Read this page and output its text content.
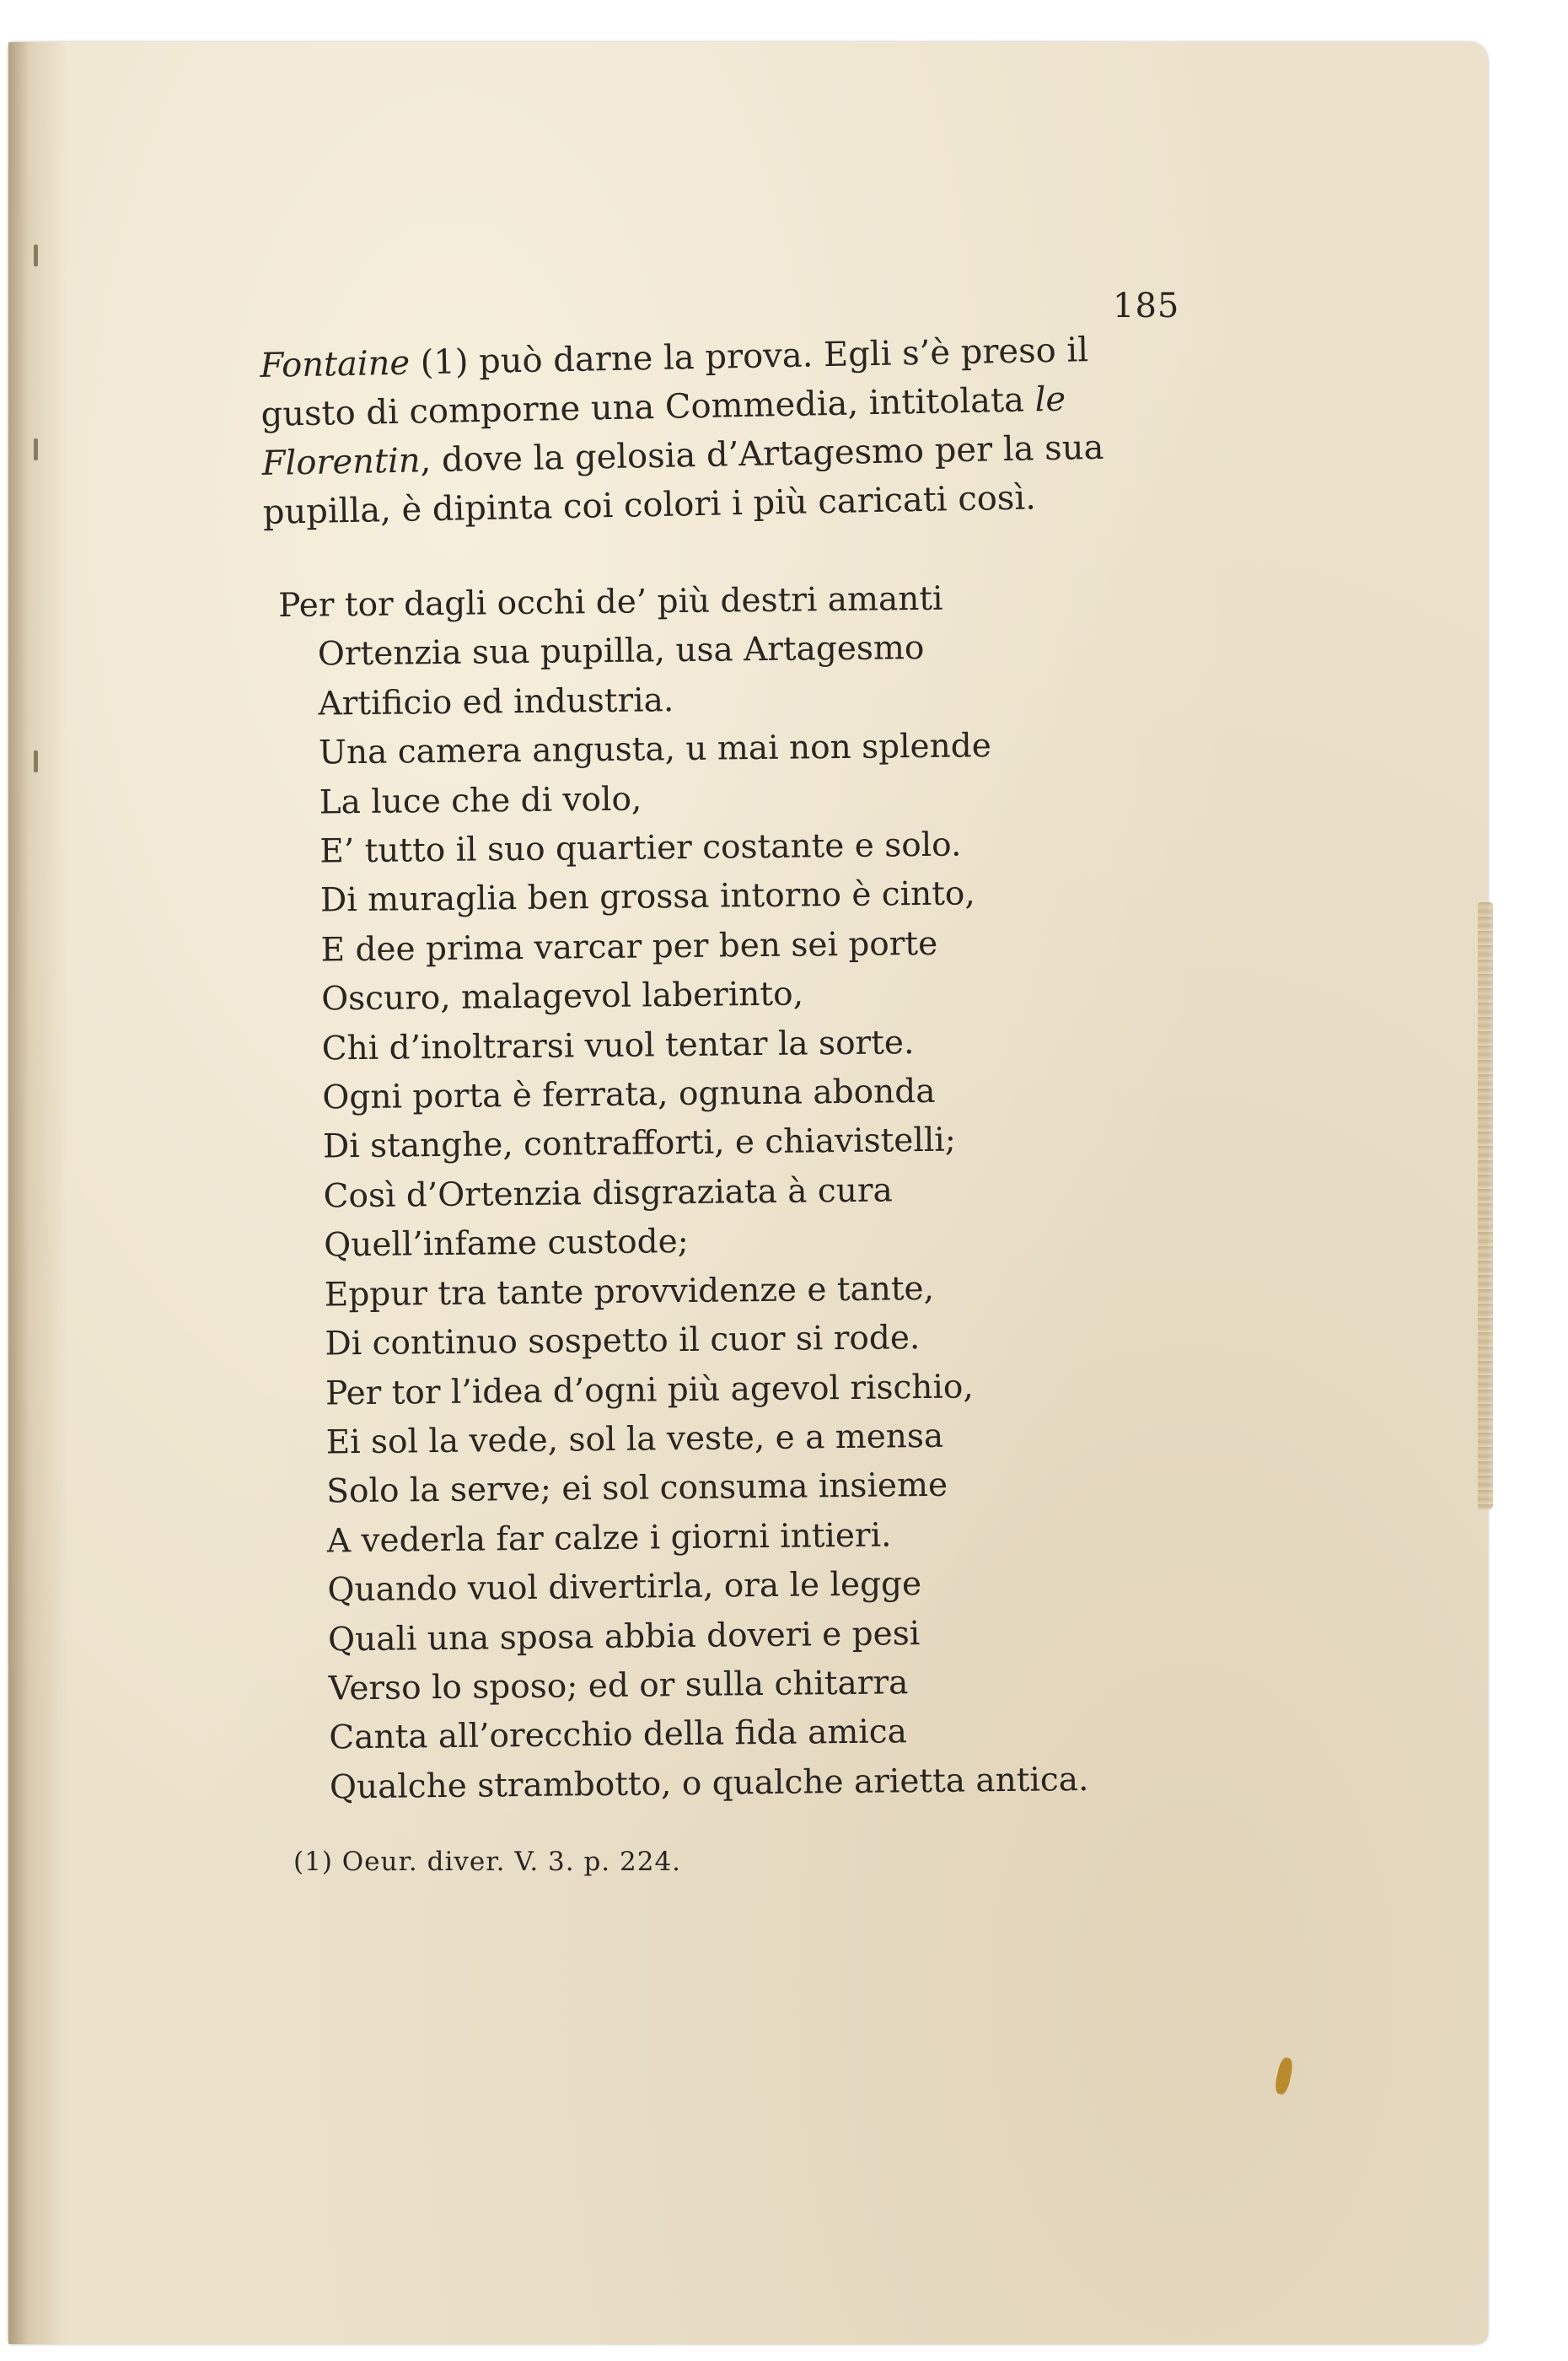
185

Fontaine (1) può darne la prova. Egli s’è preso il
gusto di comporne una Commedia, intitolata le
Florentin, dove la gelosia d’Artagesmo per la sua
pupilla, è dipinta coi colori i più caricati così.
Per tor dagli occhi de’ più destri amanti
Ortenzia sua pupilla, usa Artagesmo
Artificio ed industria.
Una camera angusta, u mai non splende
La luce che di volo,
E’ tutto il suo quartier costante e solo.
Di muraglia ben grossa intorno è cinto,
E dee prima varcar per ben sei porte
Oscuro, malagevol laberinto,
Chi d’inoltrarsi vuol tentar la sorte.
Ogni porta è ferrata, ognuna abonda
Di stanghe, contrafforti, e chiavistelli;
Così d’Ortenzia disgraziata à cura
Quell’infame custode;
Eppur tra tante provvidenze e tante,
Di continuo sospetto il cuor si rode.
Per tor l’idea d’ogni più agevol rischio,
Ei sol la vede, sol la veste, e a mensa
Solo la serve; ei sol consuma insieme
A vederla far calze i giorni intieri.
Quando vuol divertirla, ora le legge
Quali una sposa abbia doveri e pesi
Verso lo sposo; ed or sulla chitarra
Canta all’orecchio della fida amica
Qualche strambotto, o qualche arietta antica.

(1) Oeur. diver. V. 3. p. 224.
